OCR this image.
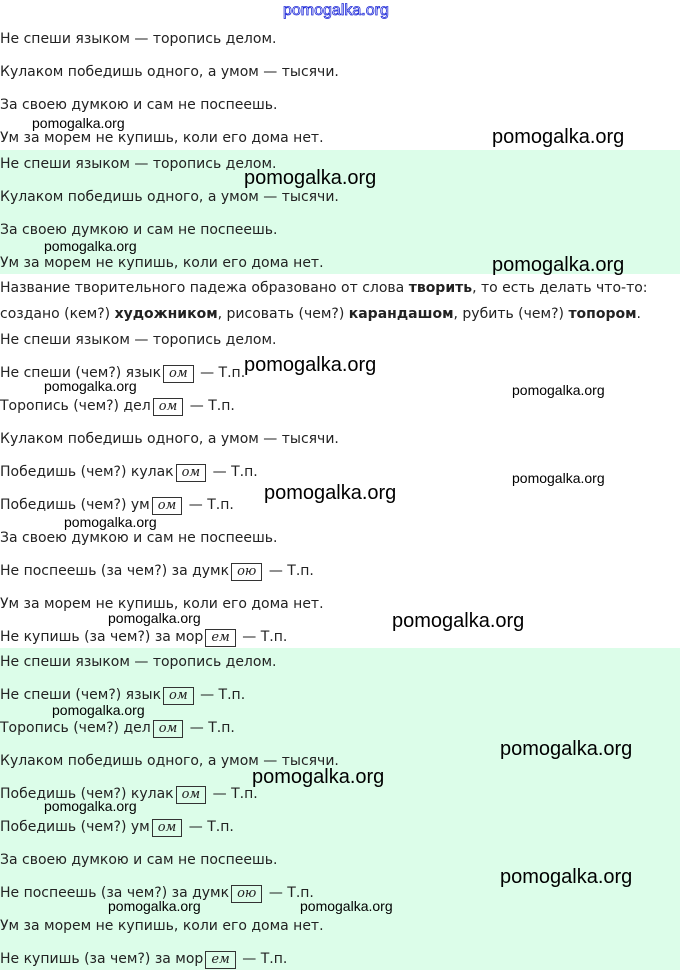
pomogalka.org
Не спеши языком — торопись делом.
Кулаком победишь одного, а умом — тысячи.
За своею думкою и сам не поспеешь.
Ум за морем не купишь, коли его дома нет.
Не спеши языком — торопись делом.
Кулаком победишь одного, а умом — тысячи.
За своею думкою и сам не поспеешь.
Ум за морем не купишь, коли его дома нет.
Название творительного падежа образовано от слова творить, то есть делать что-то:
создано (кем?) художником, рисовать (чем?) карандашом, рубить (чем?) топором.
Не спеши языком — торопись делом.
Не спеши (чем?) язык ом — Т.п.
Торопись (чем?) дел ом — Т.п.
Кулаком победишь одного, а умом — тысячи.
Победишь (чем?) кулак ом — Т.п.
Победишь (чем?) ум ом — Т.п.
За своею думкою и сам не поспеешь.
Не поспеешь (за чем?) за думк ою — Т.п.
Ум за морем не купишь, коли его дома нет.
Не купишь (за чем?) за мор ем — Т.п.
Не спеши языком — торопись делом.
Не спеши (чем?) язык ом — Т.п.
Торопись (чем?) дел ом — Т.п.
Кулаком победишь одного, а умом — тысячи.
Победишь (чем?) кулак ом — Т.п.
Победишь (чем?) ум ом — Т.п.
За своею думкою и сам не поспеешь.
Не поспеешь (за чем?) за думк ою — Т.п.
Ум за морем не купишь, коли его дома нет.
Не купишь (за чем?) за мор ем — Т.п.
pomogalka.org
pomogalka.org
pomogalka.org
pomogalka.org
pomogalka.org
pomogalka.org
pomogalka.org	pomogalka.org
pomogalka.org
pomogalka.org
pomogalka.org
pomogalka.org	pomogalka.org
pomogalka.org
pomogalka.org
pomogalka.org
pomogalka.org
pomogalka.org
pomogalka.org	pomogalka.org
